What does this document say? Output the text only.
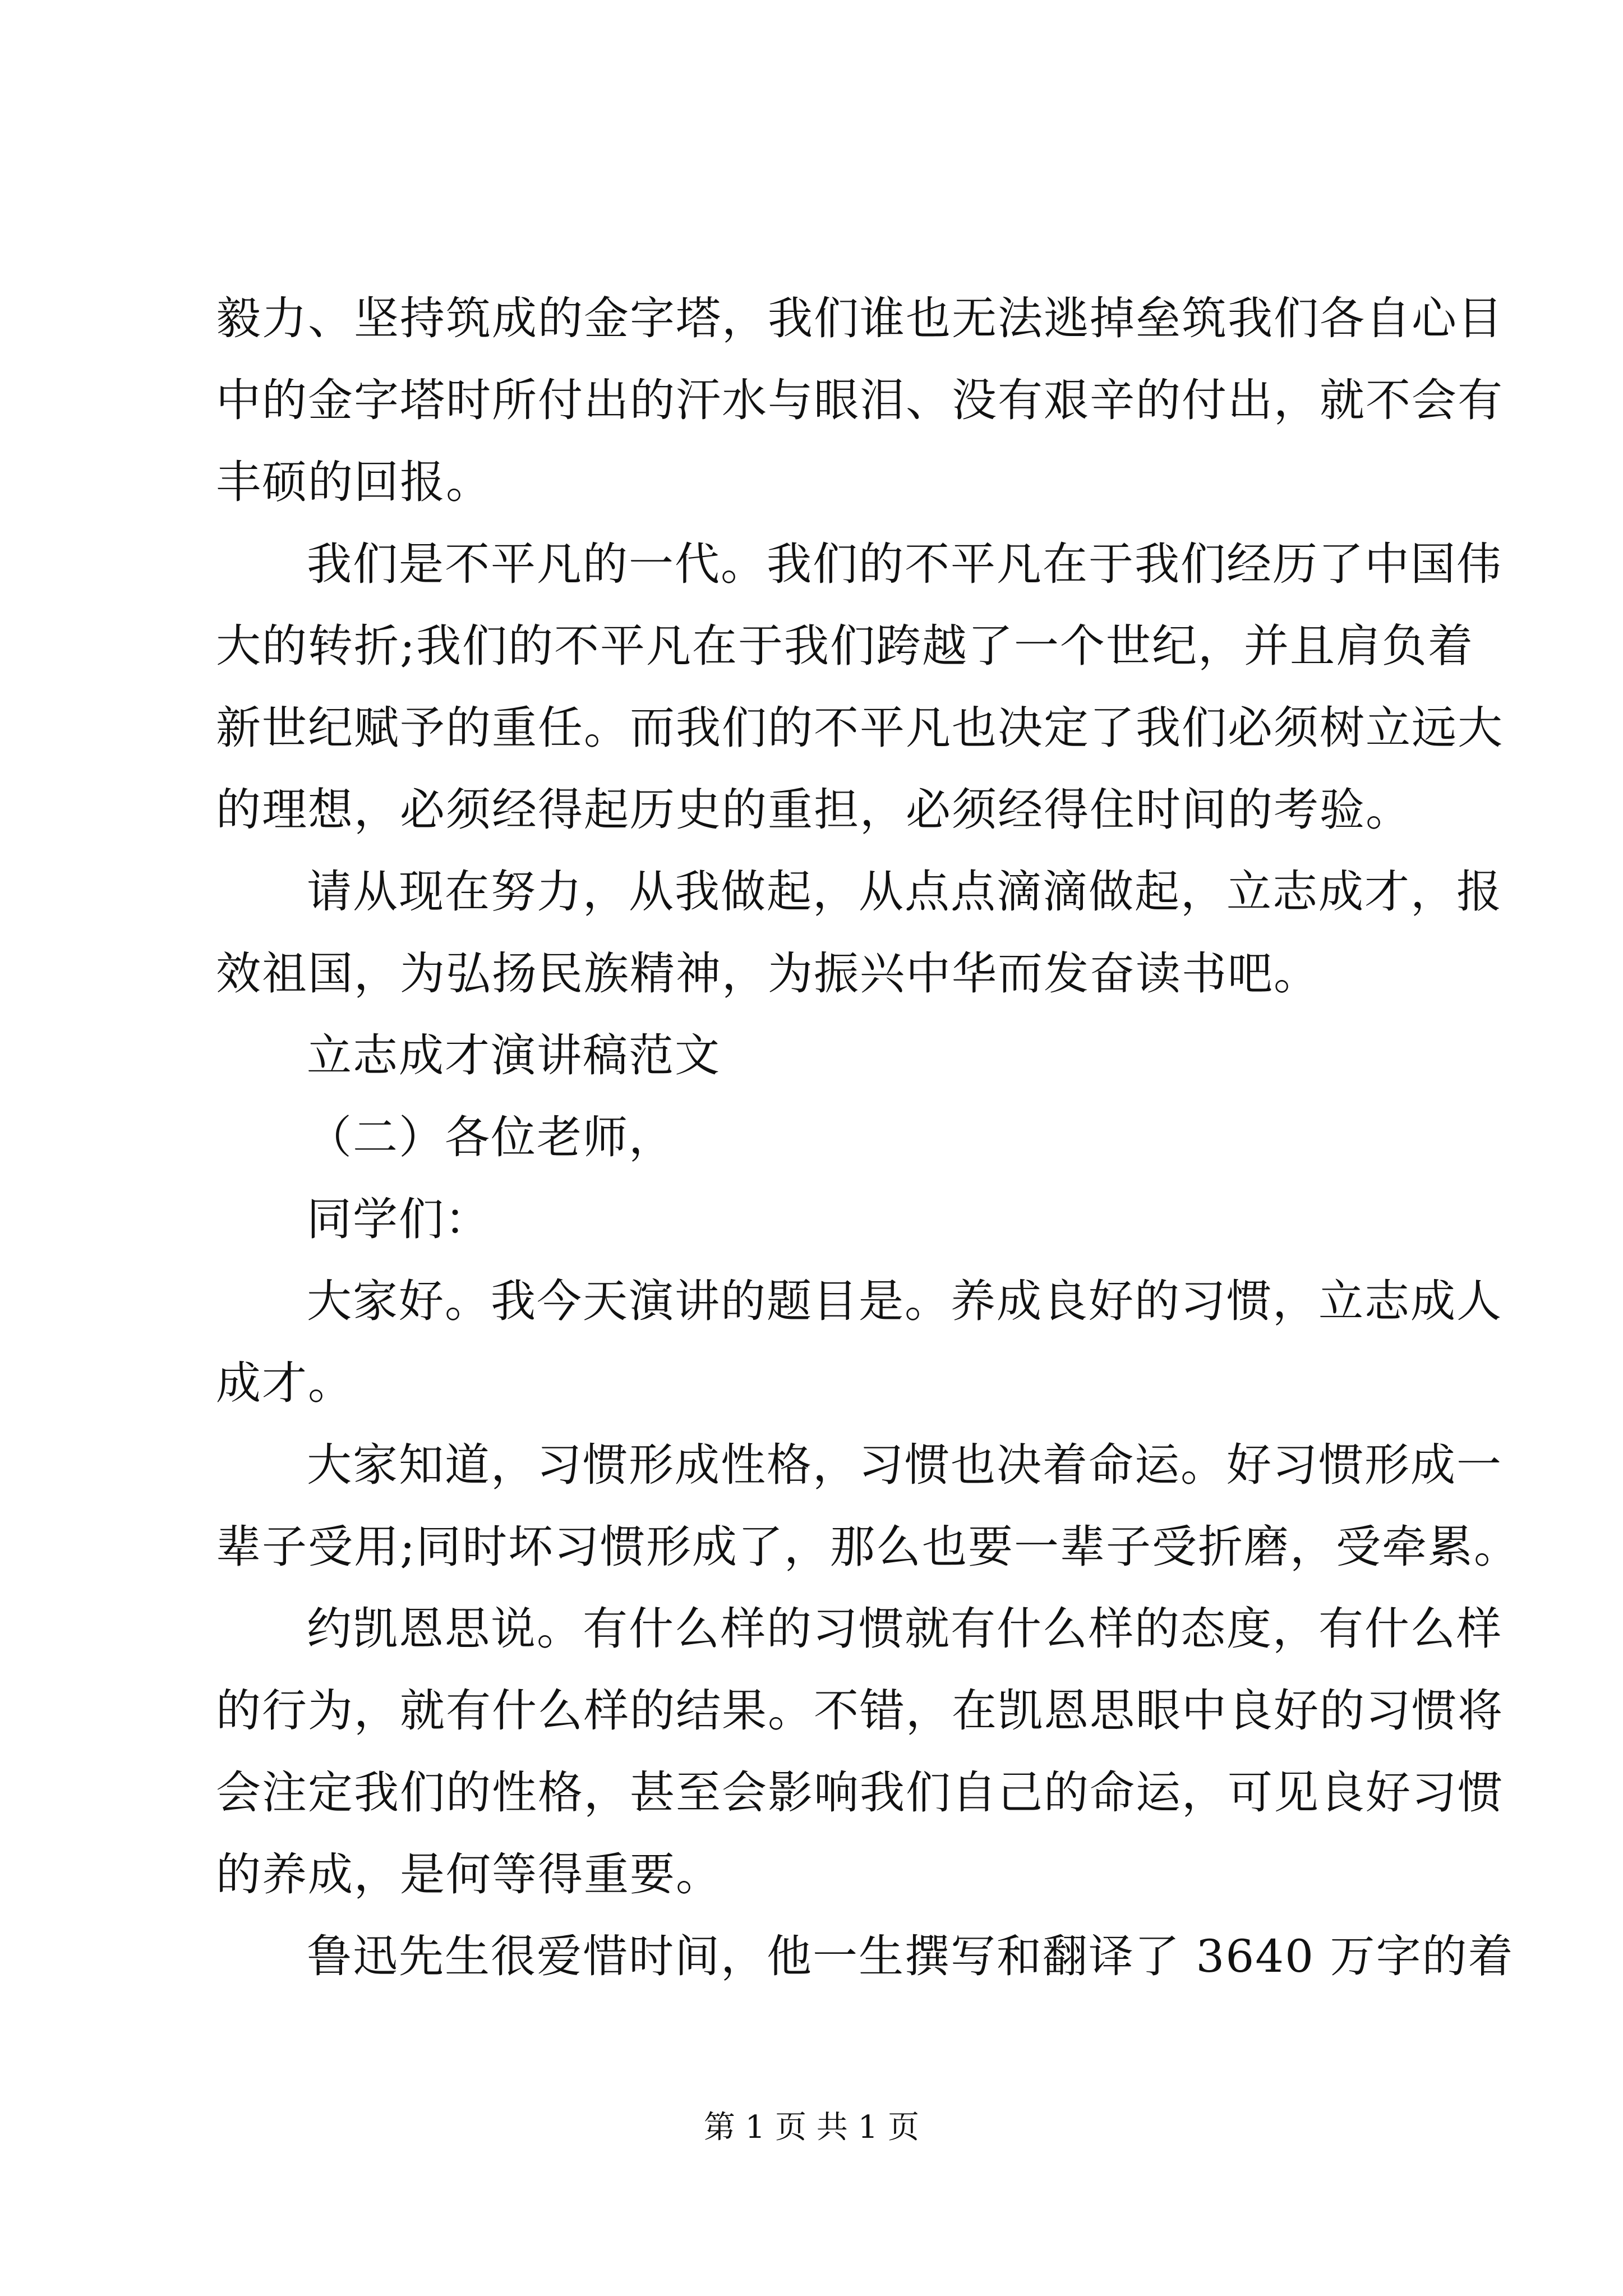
毅力、坚持筑成的金字塔，我们谁也无法逃掉垒筑我们各自心目
中的金字塔时所付出的汗水与眼泪、没有艰辛的付出，就不会有
丰硕的回报。
我们是不平凡的一代。我们的不平凡在于我们经历了中国伟
大的转折;我们的不平凡在于我们跨越了一个世纪，并且肩负着
新世纪赋予的重任。而我们的不平凡也决定了我们必须树立远大
的理想，必须经得起历史的重担，必须经得住时间的考验。
请从现在努力，从我做起，从点点滴滴做起，立志成才，报
效祖国，为弘扬民族精神，为振兴中华而发奋读书吧。
立志成才演讲稿范文
（二）各位老师，
同学们：
大家好。我今天演讲的题目是。养成良好的习惯，立志成人
成才。
大家知道，习惯形成性格，习惯也决着命运。好习惯形成一
辈子受用;同时坏习惯形成了，那么也要一辈子受折磨，受牵累。
约凯恩思说。有什么样的习惯就有什么样的态度，有什么样
的行为，就有什么样的结果。不错，在凯恩思眼中良好的习惯将
会注定我们的性格，甚至会影响我们自己的命运，可见良好习惯
的养成，是何等得重要。
鲁迅先生很爱惜时间，他一生撰写和翻译了 3640 万字的着
第 1 页 共 1 页
